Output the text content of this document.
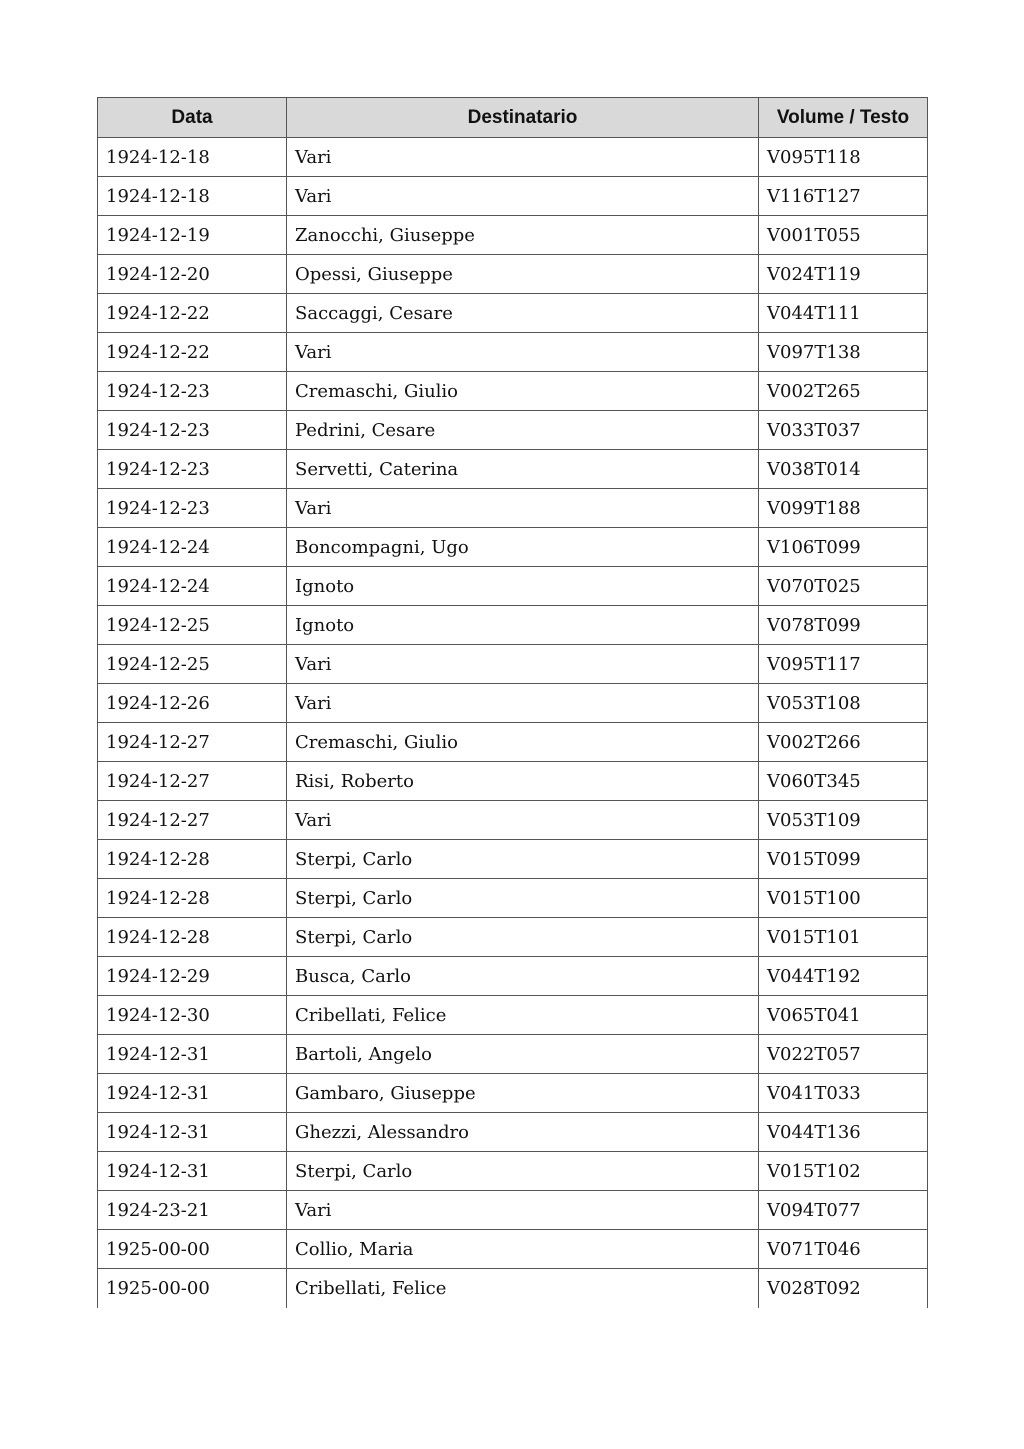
Data	Destinatario	Volume / Testo
1924-12-18	Vari	V095T118
1924-12-18	Vari	V116T127
1924-12-19	Zanocchi, Giuseppe	V001T055
1924-12-20	Opessi, Giuseppe	V024T119
1924-12-22	Saccaggi, Cesare	V044T111
1924-12-22	Vari	V097T138
1924-12-23	Cremaschi, Giulio	V002T265
1924-12-23	Pedrini, Cesare	V033T037
1924-12-23	Servetti, Caterina	V038T014
1924-12-23	Vari	V099T188
1924-12-24	Boncompagni, Ugo	V106T099
1924-12-24	Ignoto	V070T025
1924-12-25	Ignoto	V078T099
1924-12-25	Vari	V095T117
1924-12-26	Vari	V053T108
1924-12-27	Cremaschi, Giulio	V002T266
1924-12-27	Risi, Roberto	V060T345
1924-12-27	Vari	V053T109
1924-12-28	Sterpi, Carlo	V015T099
1924-12-28	Sterpi, Carlo	V015T100
1924-12-28	Sterpi, Carlo	V015T101
1924-12-29	Busca, Carlo	V044T192
1924-12-30	Cribellati, Felice	V065T041
1924-12-31	Bartoli, Angelo	V022T057
1924-12-31	Gambaro, Giuseppe	V041T033
1924-12-31	Ghezzi, Alessandro	V044T136
1924-12-31	Sterpi, Carlo	V015T102
1924-23-21	Vari	V094T077
1925-00-00	Collio, Maria	V071T046
1925-00-00	Cribellati, Felice	V028T092
